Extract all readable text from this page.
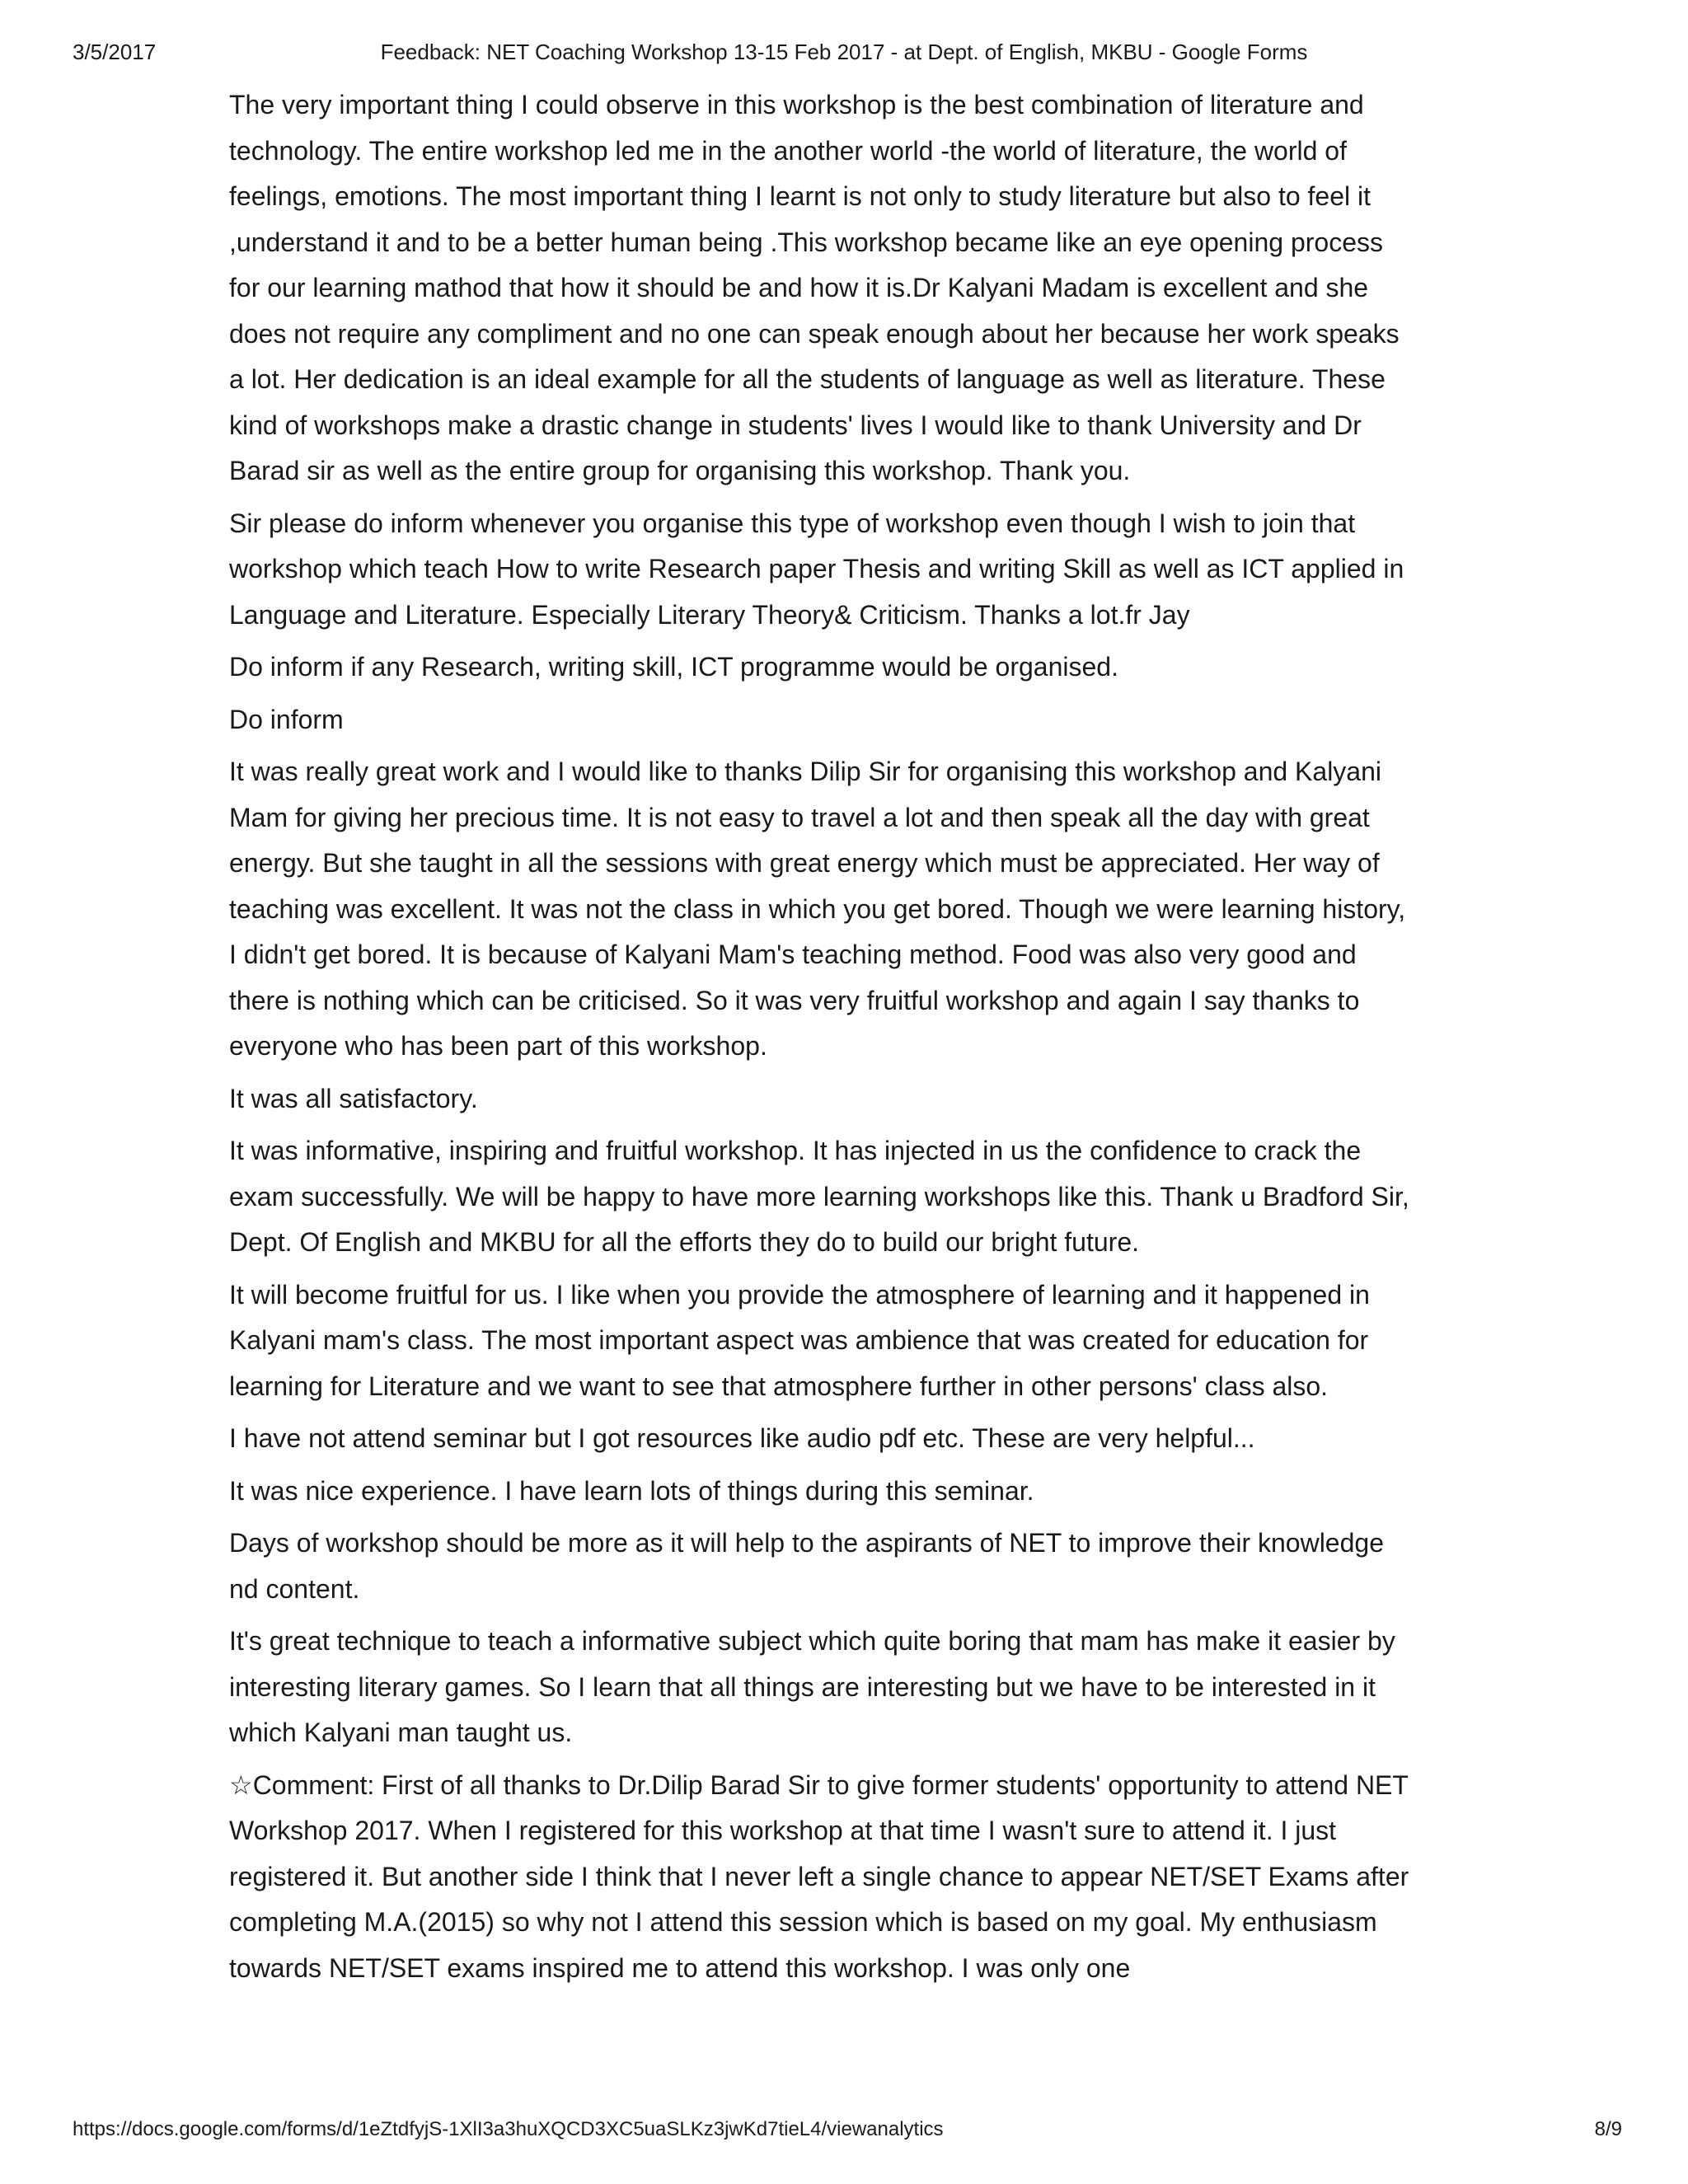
3/5/2017	Feedback: NET Coaching Workshop 13-15 Feb 2017 - at Dept. of English, MKBU - Google Forms

The very important thing I could observe in this workshop is the best combination of literature and technology. The entire workshop led me in the another world -the world of literature, the world of feelings, emotions. The most important thing I learnt is not only to study literature but also to feel it ,understand it and to be a better human being .This workshop became like an eye opening process for our learning mathod that how it should be and how it is.Dr Kalyani Madam is excellent and she does not require any compliment and no one can speak enough about her because her work speaks a lot. Her dedication is an ideal example for all the students of language as well as literature. These kind of workshops make a drastic change in students' lives I would like to thank University and Dr Barad sir as well as the entire group for organising this workshop. Thank you.

Sir please do inform whenever you organise this type of workshop even though I wish to join that workshop which teach How to write Research paper Thesis and writing Skill as well as ICT applied in Language and Literature. Especially Literary Theory& Criticism. Thanks a lot.fr Jay

Do inform if any Research, writing skill, ICT programme would be organised.

Do inform

It was really great work and I would like to thanks Dilip Sir for organising this workshop and Kalyani Mam for giving her precious time. It is not easy to travel a lot and then speak all the day with great energy. But she taught in all the sessions with great energy which must be appreciated. Her way of teaching was excellent. It was not the class in which you get bored. Though we were learning history, I didn't get bored. It is because of Kalyani Mam's teaching method. Food was also very good and there is nothing which can be criticised. So it was very fruitful workshop and again I say thanks to everyone who has been part of this workshop.

It was all satisfactory.

It was informative, inspiring and fruitful workshop. It has injected in us the confidence to crack the exam successfully. We will be happy to have more learning workshops like this. Thank u Bradford Sir, Dept. Of English and MKBU for all the efforts they do to build our bright future.

It will become fruitful for us. I like when you provide the atmosphere of learning and it happened in Kalyani mam's class. The most important aspect was ambience that was created for education for learning for Literature and we want to see that atmosphere further in other persons' class also.

I have not attend seminar but I got resources like audio pdf etc. These are very helpful...

It was nice experience. I have learn lots of things during this seminar.

Days of workshop should be more as it will help to the aspirants of NET to improve their knowledge nd content.

It's great technique to teach a informative subject which quite boring that mam has make it easier by interesting literary games. So I learn that all things are interesting but we have to be interested in it which Kalyani man taught us.

☆Comment: First of all thanks to Dr.Dilip Barad Sir to give former students' opportunity to attend NET Workshop 2017. When I registered for this workshop at that time I wasn't sure to attend it. I just registered it. But another side I think that I never left a single chance to appear NET/SET Exams after completing M.A.(2015) so why not I attend this session which is based on my goal. My enthusiasm towards NET/SET exams inspired me to attend this workshop. I was only one

https://docs.google.com/forms/d/1eZtdfyjS-1XlI3a3huXQCD3XC5uaSLKz3jwKd7tieL4/viewanalytics	8/9
